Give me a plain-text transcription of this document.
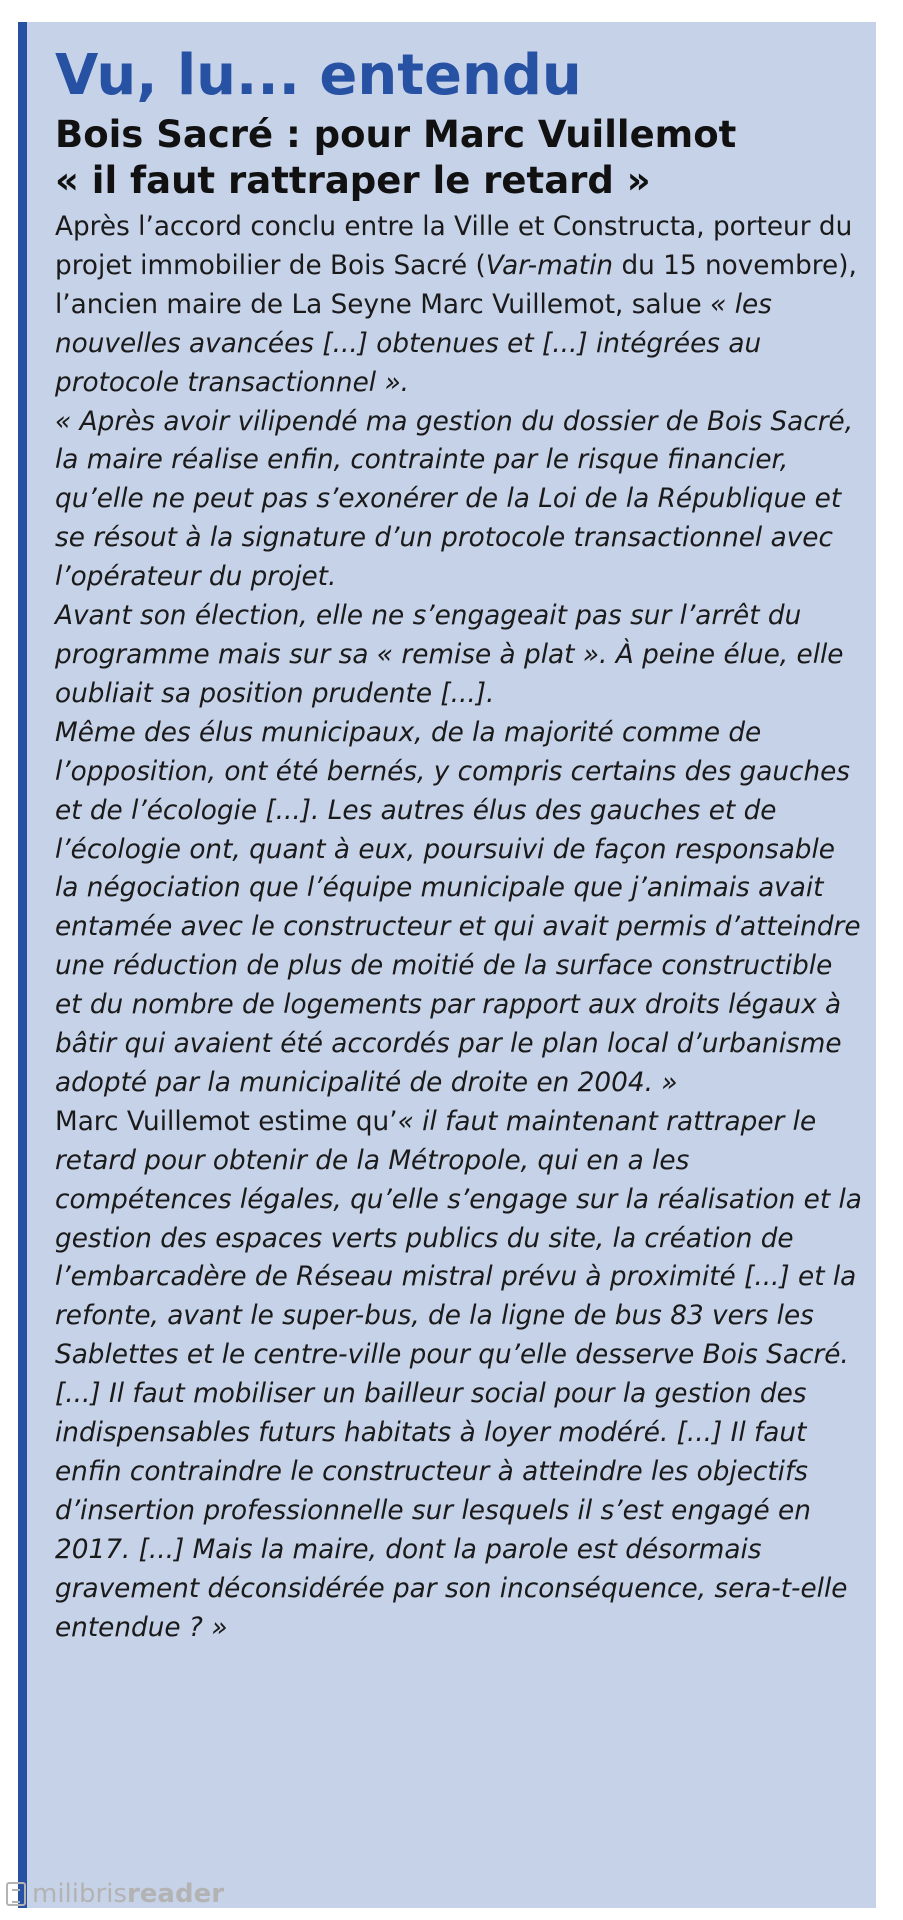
Vu, lu... entendu
Bois Sacré : pour Marc Vuillemot
« il faut rattraper le retard »

Après l’accord conclu entre la Ville et Constructa, porteur du projet immobilier de Bois Sacré (Var-matin du 15 novembre), l’ancien maire de La Seyne Marc Vuillemot, salue « les nouvelles avancées [...] obtenues et [...] intégrées au protocole transactionnel ».

« Après avoir vilipendé ma gestion du dossier de Bois Sacré, la maire réalise enfin, contrainte par le risque financier, qu’elle ne peut pas s’exonérer de la Loi de la République et se résout à la signature d’un protocole transactionnel avec l’opérateur du projet.

Avant son élection, elle ne s’engageait pas sur l’arrêt du programme mais sur sa « remise à plat ». À peine élue, elle oubliait sa position prudente [...].

Même des élus municipaux, de la majorité comme de l’opposition, ont été bernés, y compris certains des gauches et de l’écologie [...]. Les autres élus des gauches et de l’écologie ont, quant à eux, poursuivi de façon responsable la négociation que l’équipe municipale que j’animais avait entamée avec le constructeur et qui avait permis d’atteindre une réduction de plus de moitié de la surface constructible et du nombre de logements par rapport aux droits légaux à bâtir qui avaient été accordés par le plan local d’urbanisme adopté par la municipalité de droite en 2004. »

Marc Vuillemot estime qu’« il faut maintenant rattraper le retard pour obtenir de la Métropole, qui en a les compétences légales, qu’elle s’engage sur la réalisation et la gestion des espaces verts publics du site, la création de l’embarcadère de Réseau mistral prévu à proximité [...] et la refonte, avant le super-bus, de la ligne de bus 83 vers les Sablettes et le centre-ville pour qu’elle desserve Bois Sacré. [...] Il faut mobiliser un bailleur social pour la gestion des indispensables futurs habitats à loyer modéré. [...] Il faut enfin contraindre le constructeur à atteindre les objectifs d’insertion professionnelle sur lesquels il s’est engagé en 2017. [...] Mais la maire, dont la parole est désormais gravement déconsidérée par son inconséquence, sera-t-elle entendue ? »

milibris reader
